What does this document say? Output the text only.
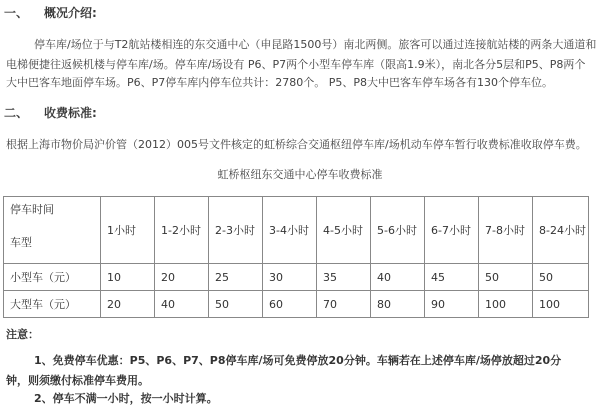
一、 概况介绍:
停车库/场位于与T2航站楼相连的东交通中心（申昆路1500号）南北两侧。旅客可以通过连接航站楼的两条大通道和
电梯便捷往返候机楼与停车库/场。停车库/场设有 P6、P7两个小型车停车库（限高1.9米），南北各分5层和P5、P8两个
大中巴客车地面停车场。P6、P7停车库内停车位共计：2780个。 P5、P8大中巴客车停车场各有130个停车位。
二、 收费标准:
根据上海市物价局沪价管（2012）005号文件核定的虹桥综合交通枢纽停车库/场机动车停车暂行收费标准收取停车费。
虹桥枢纽东交通中心停车收费标准
停车时间
车型	1小时	1-2小时	2-3小时	3-4小时	4-5小时	5-6小时	6-7小时	7-8小时	8-24小时

小型车（元）	10	20	25	30	35	40	45	50	50
大型车（元）	20	40	50	60	70	80	90	100	100
注意：
1、免费停车优惠：P5、P6、P7、P8停车库/场可免费停放20分钟。车辆若在上述停车库/场停放超过20分
钟，则须缴付标准停车费用。
2、停车不满一小时，按一小时计算。
